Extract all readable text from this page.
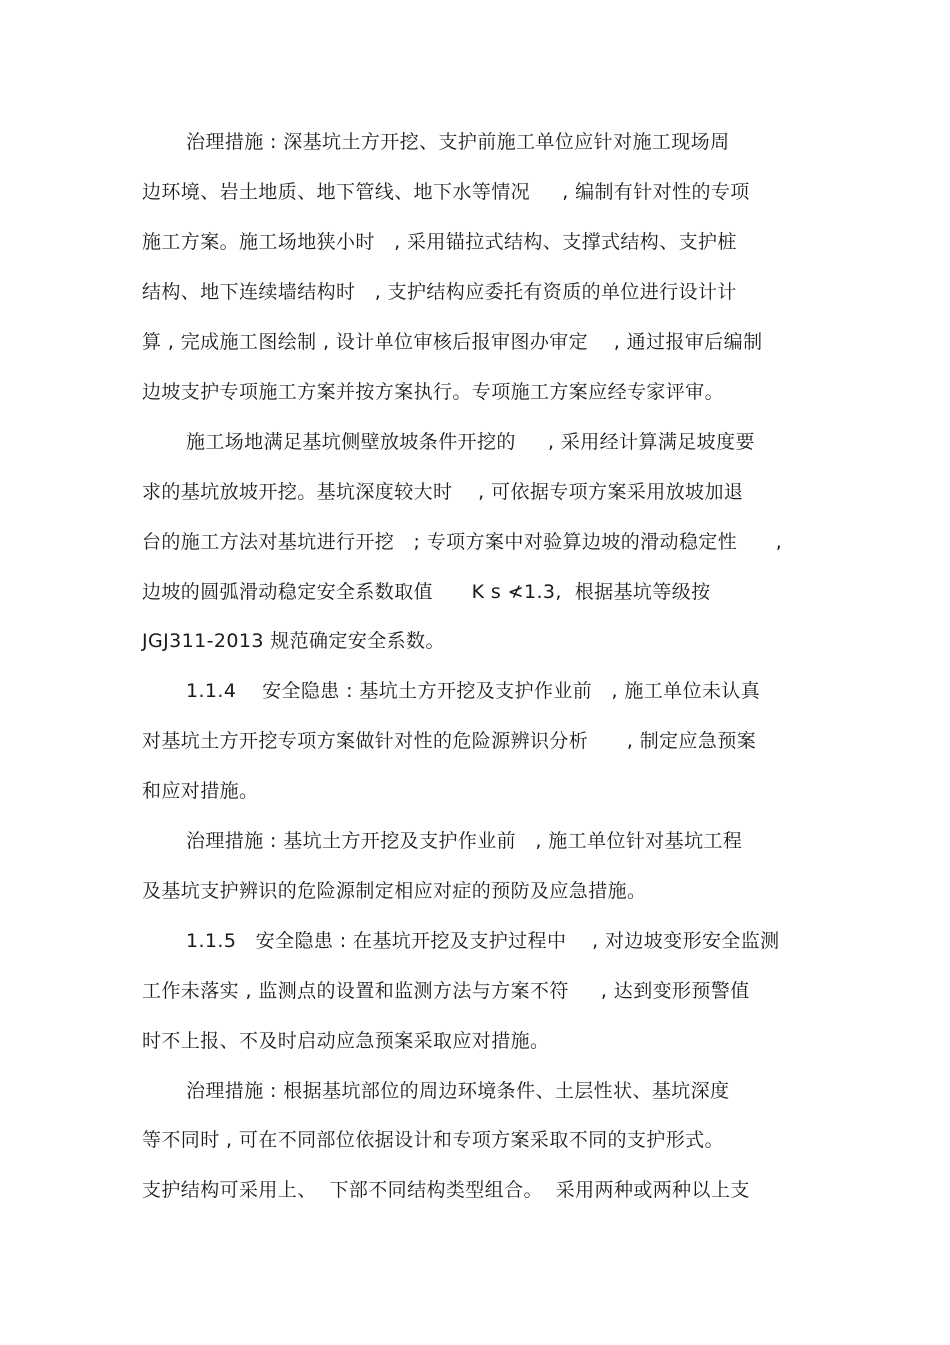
治理措施 : 深基坑土方开挖、支护前施工单位应针对施工现场周
边环境、岩土地质、地下管线、地下水等情况     , 编制有针对性的专项
施工方案。施工场地狭小时   , 采用锚拉式结构、支撑式结构、支护桩
结构、地下连续墙结构时   , 支护结构应委托有资质的单位进行设计计
算 , 完成施工图绘制 , 设计单位审核后报审图办审定    , 通过报审后编制
边坡支护专项施工方案并按方案执行。专项施工方案应经专家评审。
施工场地满足基坑侧壁放坡条件开挖的     , 采用经计算满足坡度要
求的基坑放坡开挖。基坑深度较大时    , 可依据专项方案采用放坡加退
台的施工方法对基坑进行开挖   ; 专项方案中对验算边坡的滑动稳定性      ,
边坡的圆弧滑动稳定安全系数取值      K s ≮1.3,  根据基坑等级按
JGJ311-2013 规范确定安全系数。
1.1.4    安全隐患 : 基坑土方开挖及支护作业前   , 施工单位未认真
对基坑土方开挖专项方案做针对性的危险源辨识分析      , 制定应急预案
和应对措施。
治理措施 : 基坑土方开挖及支护作业前   , 施工单位针对基坑工程
及基坑支护辨识的危险源制定相应对症的预防及应急措施。
1.1.5   安全隐患 : 在基坑开挖及支护过程中    , 对边坡变形安全监测
工作未落实 , 监测点的设置和监测方法与方案不符     , 达到变形预警值
时不上报、不及时启动应急预案采取应对措施。
治理措施 : 根据基坑部位的周边环境条件、土层性状、基坑深度
等不同时 , 可在不同部位依据设计和专项方案采取不同的支护形式。
支护结构可采用上、  下部不同结构类型组合。  采用两种或两种以上支
